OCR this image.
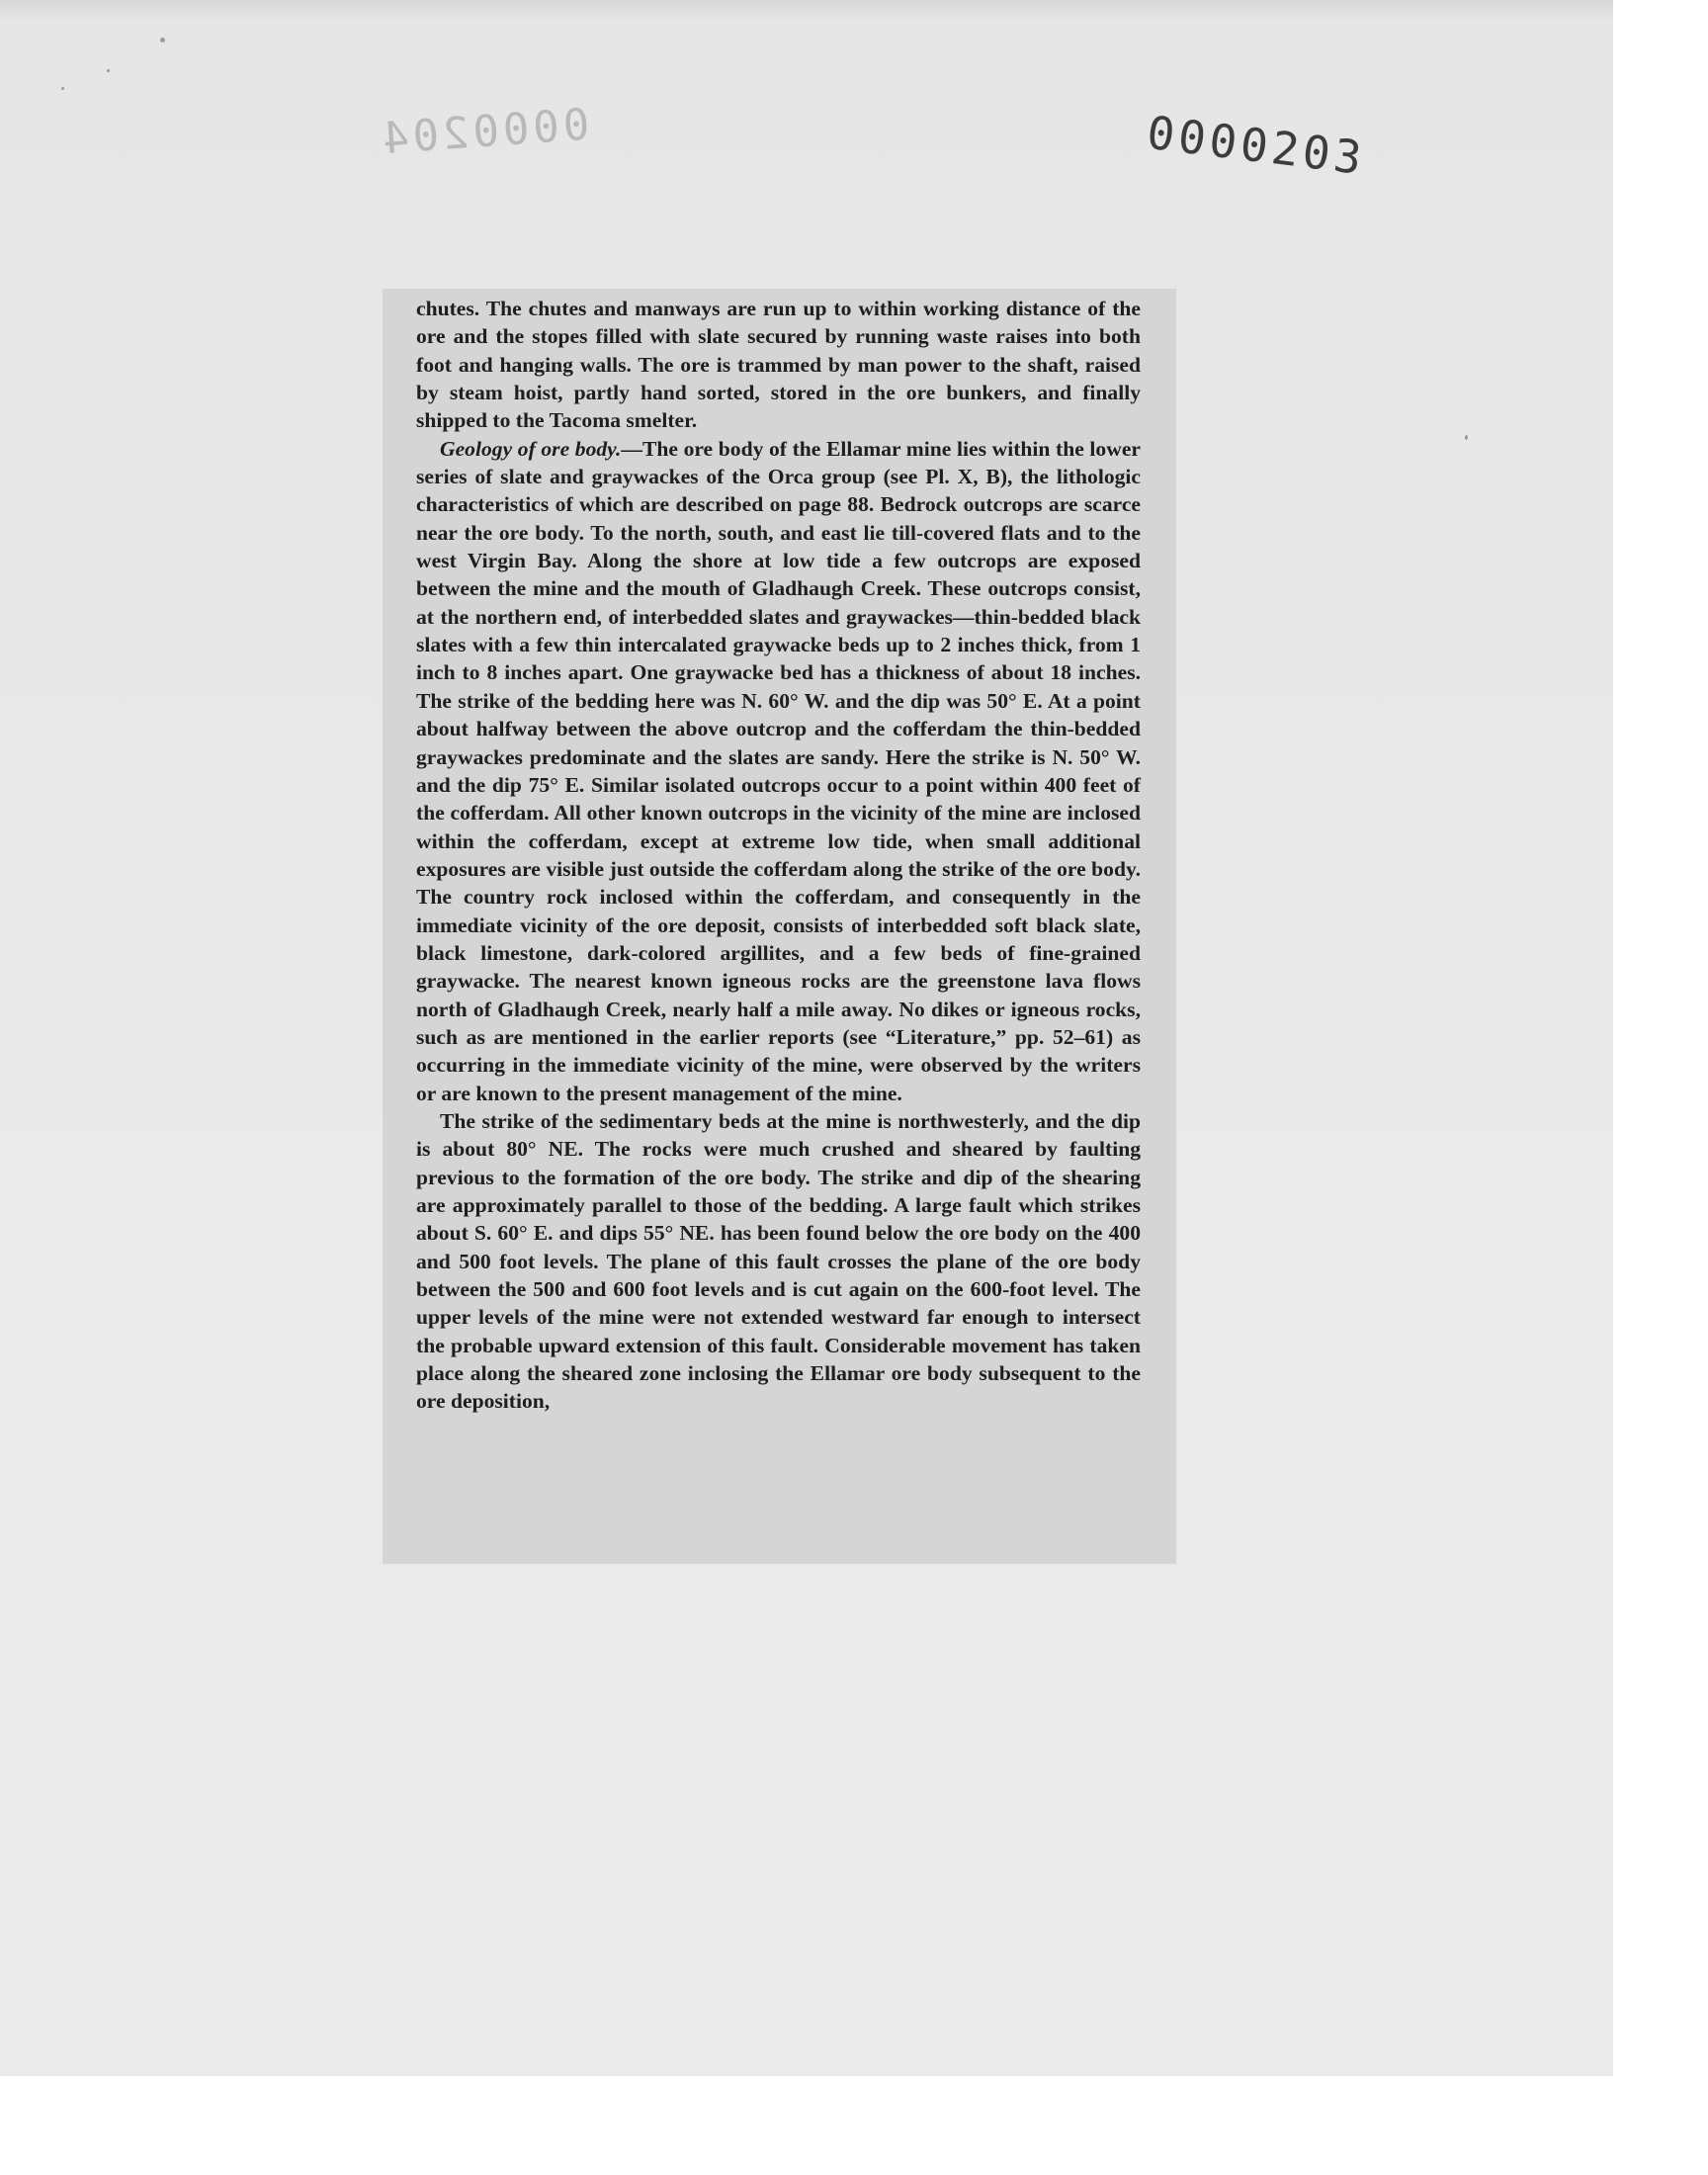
0000204	0000203

chutes. The chutes and manways are run up to within working distance of the ore and the stopes filled with slate secured by running waste raises into both foot and hanging walls. The ore is trammed by man power to the shaft, raised by steam hoist, partly hand sorted, stored in the ore bunkers, and finally shipped to the Tacoma smelter.

Geology of ore body.—The ore body of the Ellamar mine lies within the lower series of slate and graywackes of the Orca group (see Pl. X, B), the lithologic characteristics of which are described on page 88. Bedrock outcrops are scarce near the ore body. To the north, south, and east lie till-covered flats and to the west Virgin Bay. Along the shore at low tide a few outcrops are exposed between the mine and the mouth of Gladhaugh Creek. These outcrops consist, at the northern end, of interbedded slates and graywackes—thin-bedded black slates with a few thin intercalated graywacke beds up to 2 inches thick, from 1 inch to 8 inches apart. One graywacke bed has a thickness of about 18 inches. The strike of the bedding here was N. 60° W. and the dip was 50° E. At a point about halfway between the above outcrop and the cofferdam the thin-bedded graywackes predominate and the slates are sandy. Here the strike is N. 50° W. and the dip 75° E. Similar isolated outcrops occur to a point within 400 feet of the cofferdam. All other known outcrops in the vicinity of the mine are inclosed within the cofferdam, except at extreme low tide, when small additional exposures are visible just outside the cofferdam along the strike of the ore body. The country rock inclosed within the cofferdam, and consequently in the immediate vicinity of the ore deposit, consists of interbedded soft black slate, black limestone, dark-colored argillites, and a few beds of fine-grained graywacke. The nearest known igneous rocks are the greenstone lava flows north of Gladhaugh Creek, nearly half a mile away. No dikes or igneous rocks, such as are mentioned in the earlier reports (see “Literature,” pp. 52–61) as occurring in the immediate vicinity of the mine, were observed by the writers or are known to the present management of the mine.

The strike of the sedimentary beds at the mine is northwesterly, and the dip is about 80° NE. The rocks were much crushed and sheared by faulting previous to the formation of the ore body. The strike and dip of the shearing are approximately parallel to those of the bedding. A large fault which strikes about S. 60° E. and dips 55° NE. has been found below the ore body on the 400 and 500 foot levels. The plane of this fault crosses the plane of the ore body between the 500 and 600 foot levels and is cut again on the 600-foot level. The upper levels of the mine were not extended westward far enough to intersect the probable upward extension of this fault. Considerable movement has taken place along the sheared zone inclosing the Ellamar ore body subsequent to the ore deposition,
